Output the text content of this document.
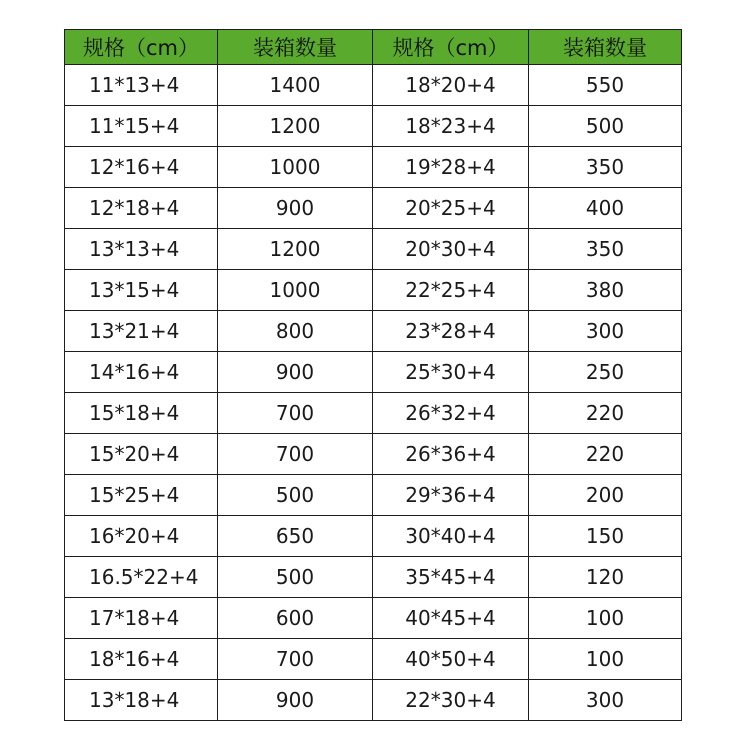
规格（cm）	装箱数量	规格（cm）	装箱数量
11*13+4	1400	18*20+4	550
11*15+4	1200	18*23+4	500
12*16+4	1000	19*28+4	350
12*18+4	900	20*25+4	400
13*13+4	1200	20*30+4	350
13*15+4	1000	22*25+4	380
13*21+4	800	23*28+4	300
14*16+4	900	25*30+4	250
15*18+4	700	26*32+4	220
15*20+4	700	26*36+4	220
15*25+4	500	29*36+4	200
16*20+4	650	30*40+4	150
16.5*22+4	500	35*45+4	120
17*18+4	600	40*45+4	100
18*16+4	700	40*50+4	100
13*18+4	900	22*30+4	300
